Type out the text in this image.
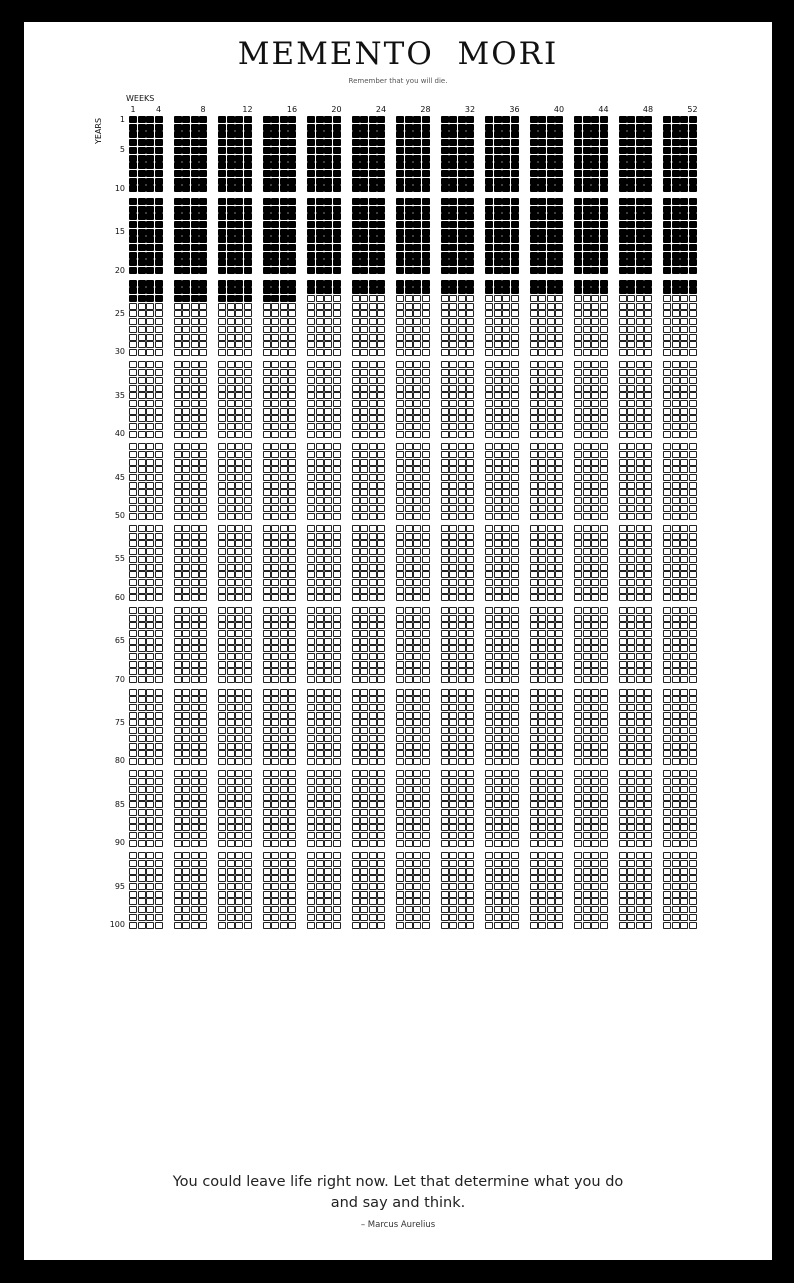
MEMENTO  MORI
Remember that you will die.
WEEKS
YEARS
1	4	8	12	16	20	24	28	32	36	40	44	48	52
1
5
10
15
20
25
30
35
40
45
50
55
60
65
70
75
80
85
90
95
100
You could leave life right now. Let that determine what you do
and say and think.
– Marcus Aurelius
